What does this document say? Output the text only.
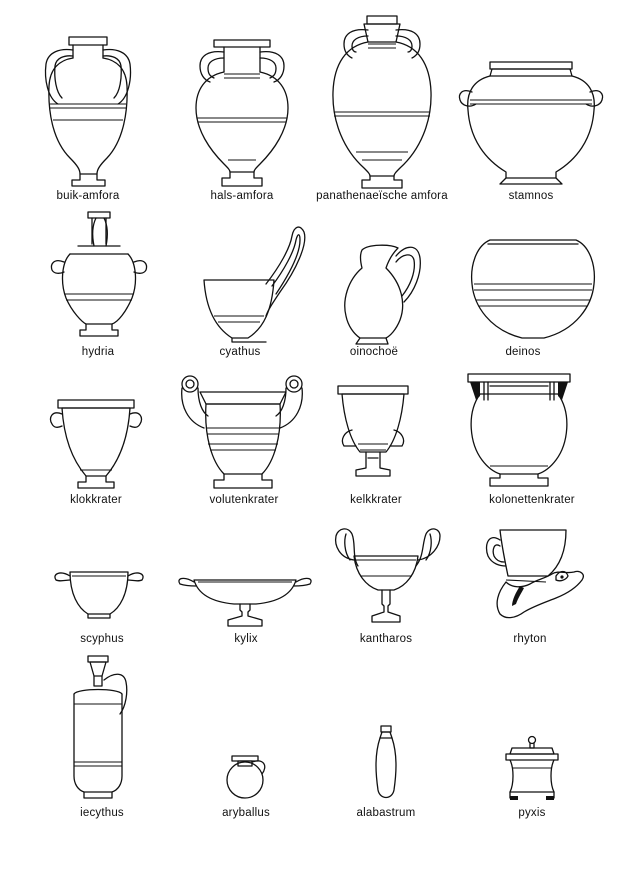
buik-amfora	hals-amfora	panathenaeïsche amfora	stamnos
hydria	cyathus	oinochoë	deinos
klokkrater	volutenkrater	kelkkrater	kolonettenkrater
scyphus	kylix	kantharos	rhyton
iecythus	aryballus	alabastrum	pyxis
